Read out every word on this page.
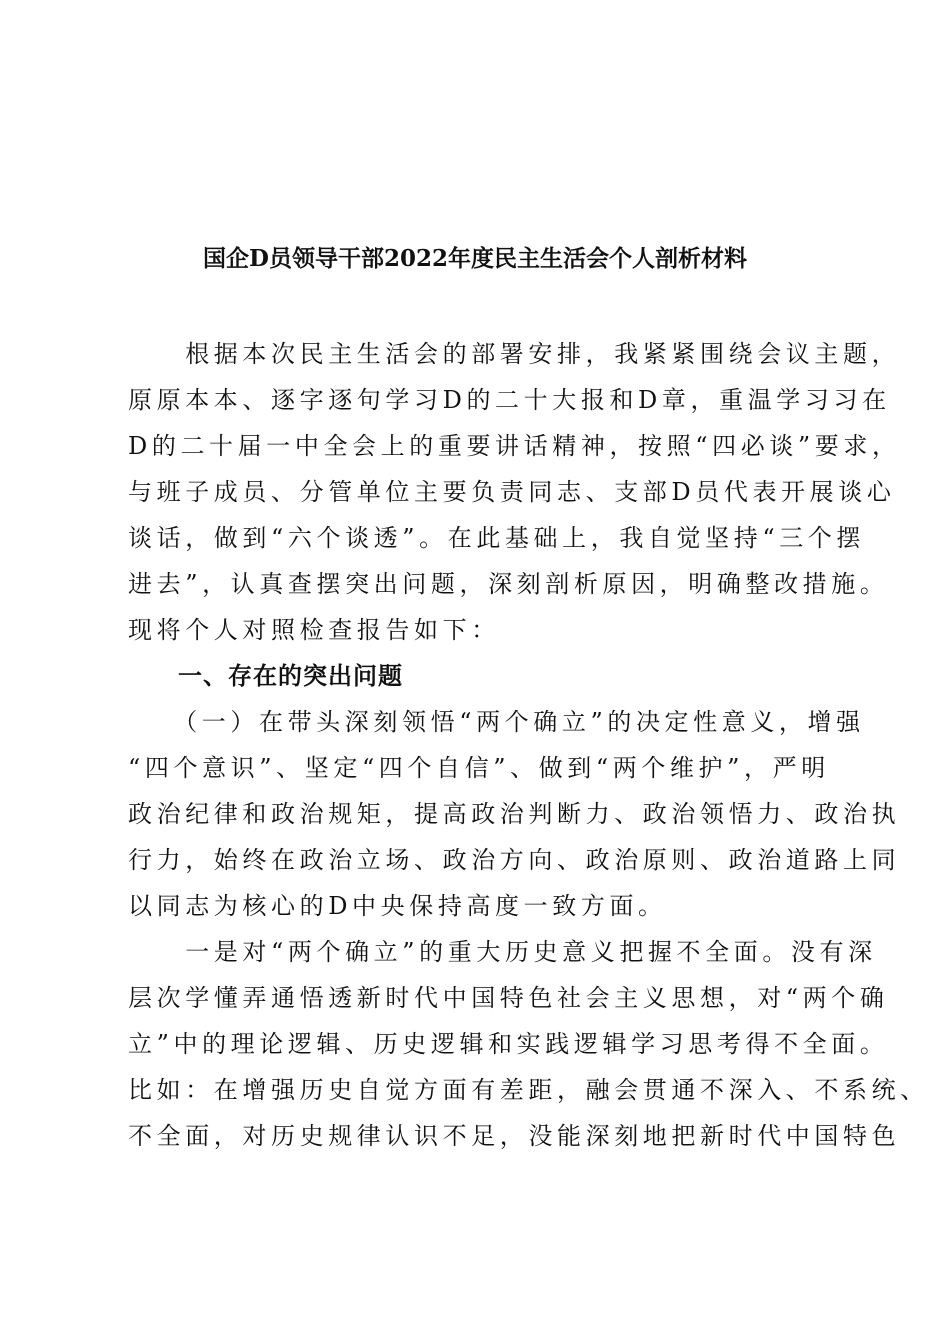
国企D员领导干部2022年度民主生活会个人剖析材料

　　根据本次民主生活会的部署安排，我紧紧围绕会议主题，

原原本本、逐字逐句学习D的二十大报和D章，重温学习习在

D的二十届一中全会上的重要讲话精神，按照“四必谈”要求，

与班子成员、分管单位主要负责同志、支部D员代表开展谈心

谈话，做到“六个谈透”。在此基础上，我自觉坚持“三个摆

进去”，认真查摆突出问题，深刻剖析原因，明确整改措施。

现将个人对照检查报告如下：

　　一、存在的突出问题

　　（一）在带头深刻领悟“两个确立”的决定性意义，增强

“四个意识”、坚定“四个自信”、做到“两个维护”，严明

政治纪律和政治规矩，提高政治判断力、政治领悟力、政治执

行力，始终在政治立场、政治方向、政治原则、政治道路上同

以同志为核心的D中央保持高度一致方面。

　　一是对“两个确立”的重大历史意义把握不全面。没有深

层次学懂弄通悟透新时代中国特色社会主义思想，对“两个确

立”中的理论逻辑、历史逻辑和实践逻辑学习思考得不全面。

比如：在增强历史自觉方面有差距，融会贯通不深入、不系统、

不全面，对历史规律认识不足，没能深刻地把新时代中国特色
